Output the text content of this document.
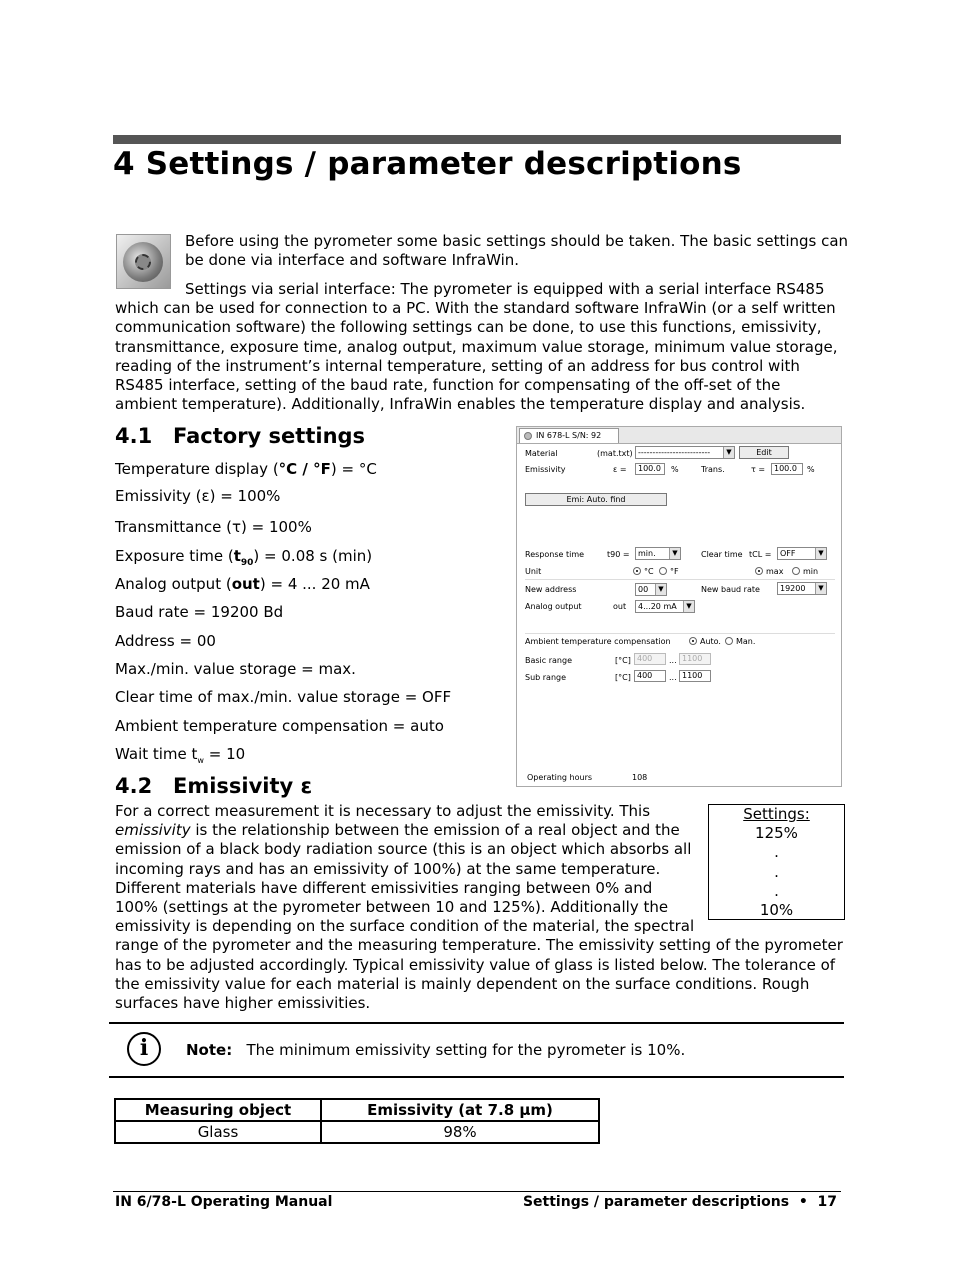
4 Settings / parameter descriptions
Before using the pyrometer some basic settings should be taken. The basic settings can
be done via interface and software InfraWin.
Settings via serial interface: The pyrometer is equipped with a serial interface RS485
which can be used for connection to a PC. With the standard software InfraWin (or a self written
communication software) the following settings can be done, to use this functions, emissivity,
transmittance, exposure time, analog output, maximum value storage, minimum value storage,
reading of the instrument’s internal temperature, setting of an address for bus control with
RS485 interface, setting of the baud rate, function for compensating of the off-set of the
ambient temperature). Additionally, InfraWin enables the temperature display and analysis.
4.1 Factory settings
Temperature display (°C / °F) = °C
Emissivity (ε) = 100%
Transmittance (τ) = 100%
Exposure time $(t_{90}) = 0.08$ s (min)
Analog output (out) = 4 ... 20 mA
Baud rate = 19200 Bd
Address = 00
Max./min. value storage = max.
Clear time of max./min. value storage = OFF
Ambient temperature compensation = auto
Wait time $t_w = 10$
IN 678-L S/N: 92
Material	(mat.txt) -------------------------	▼	Edit
Emissivity	ε =	100.0	%	Trans.	τ =	100.0	%
Emi: Auto. find
Response time	t90 =	min.	▼	Clear time tCL =	OFF	▼
Unit	°C °F	max min
New address	00	▼	New baud rate	19200	▼
Analog output	out	4...20 mA	▼
Ambient temperature compensation	Auto. Man.
Basic range	[°C] 400	... 1100
Sub range	[°C] 400	... 1100
Operating hours	108
4.2 Emissivity ε
For a correct measurement it is necessary to adjust the emissivity. This
emissivity is the relationship between the emission of a real object and the
emission of a black body radiation source (this is an object which absorbs all
incoming rays and has an emissivity of 100%) at the same temperature.
Different materials have different emissivities ranging between 0% and
100% (settings at the pyrometer between 10 and 125%). Additionally the
emissivity is depending on the surface condition of the material, the spectral
range of the pyrometer and the measuring temperature. The emissivity setting of the pyrometer
has to be adjusted accordingly. Typical emissivity value of glass is listed below. The tolerance of
the emissivity value for each material is mainly dependent on the surface conditions. Rough
surfaces have higher emissivities.
Settings:
125%
.
.
.
10%
i	Note: The minimum emissivity setting for the pyrometer is 10%.
Measuring object	Emissivity (at 7.8 µm)
Glass	98%
IN 6/78-L Operating Manual	Settings / parameter descriptions  •  17
